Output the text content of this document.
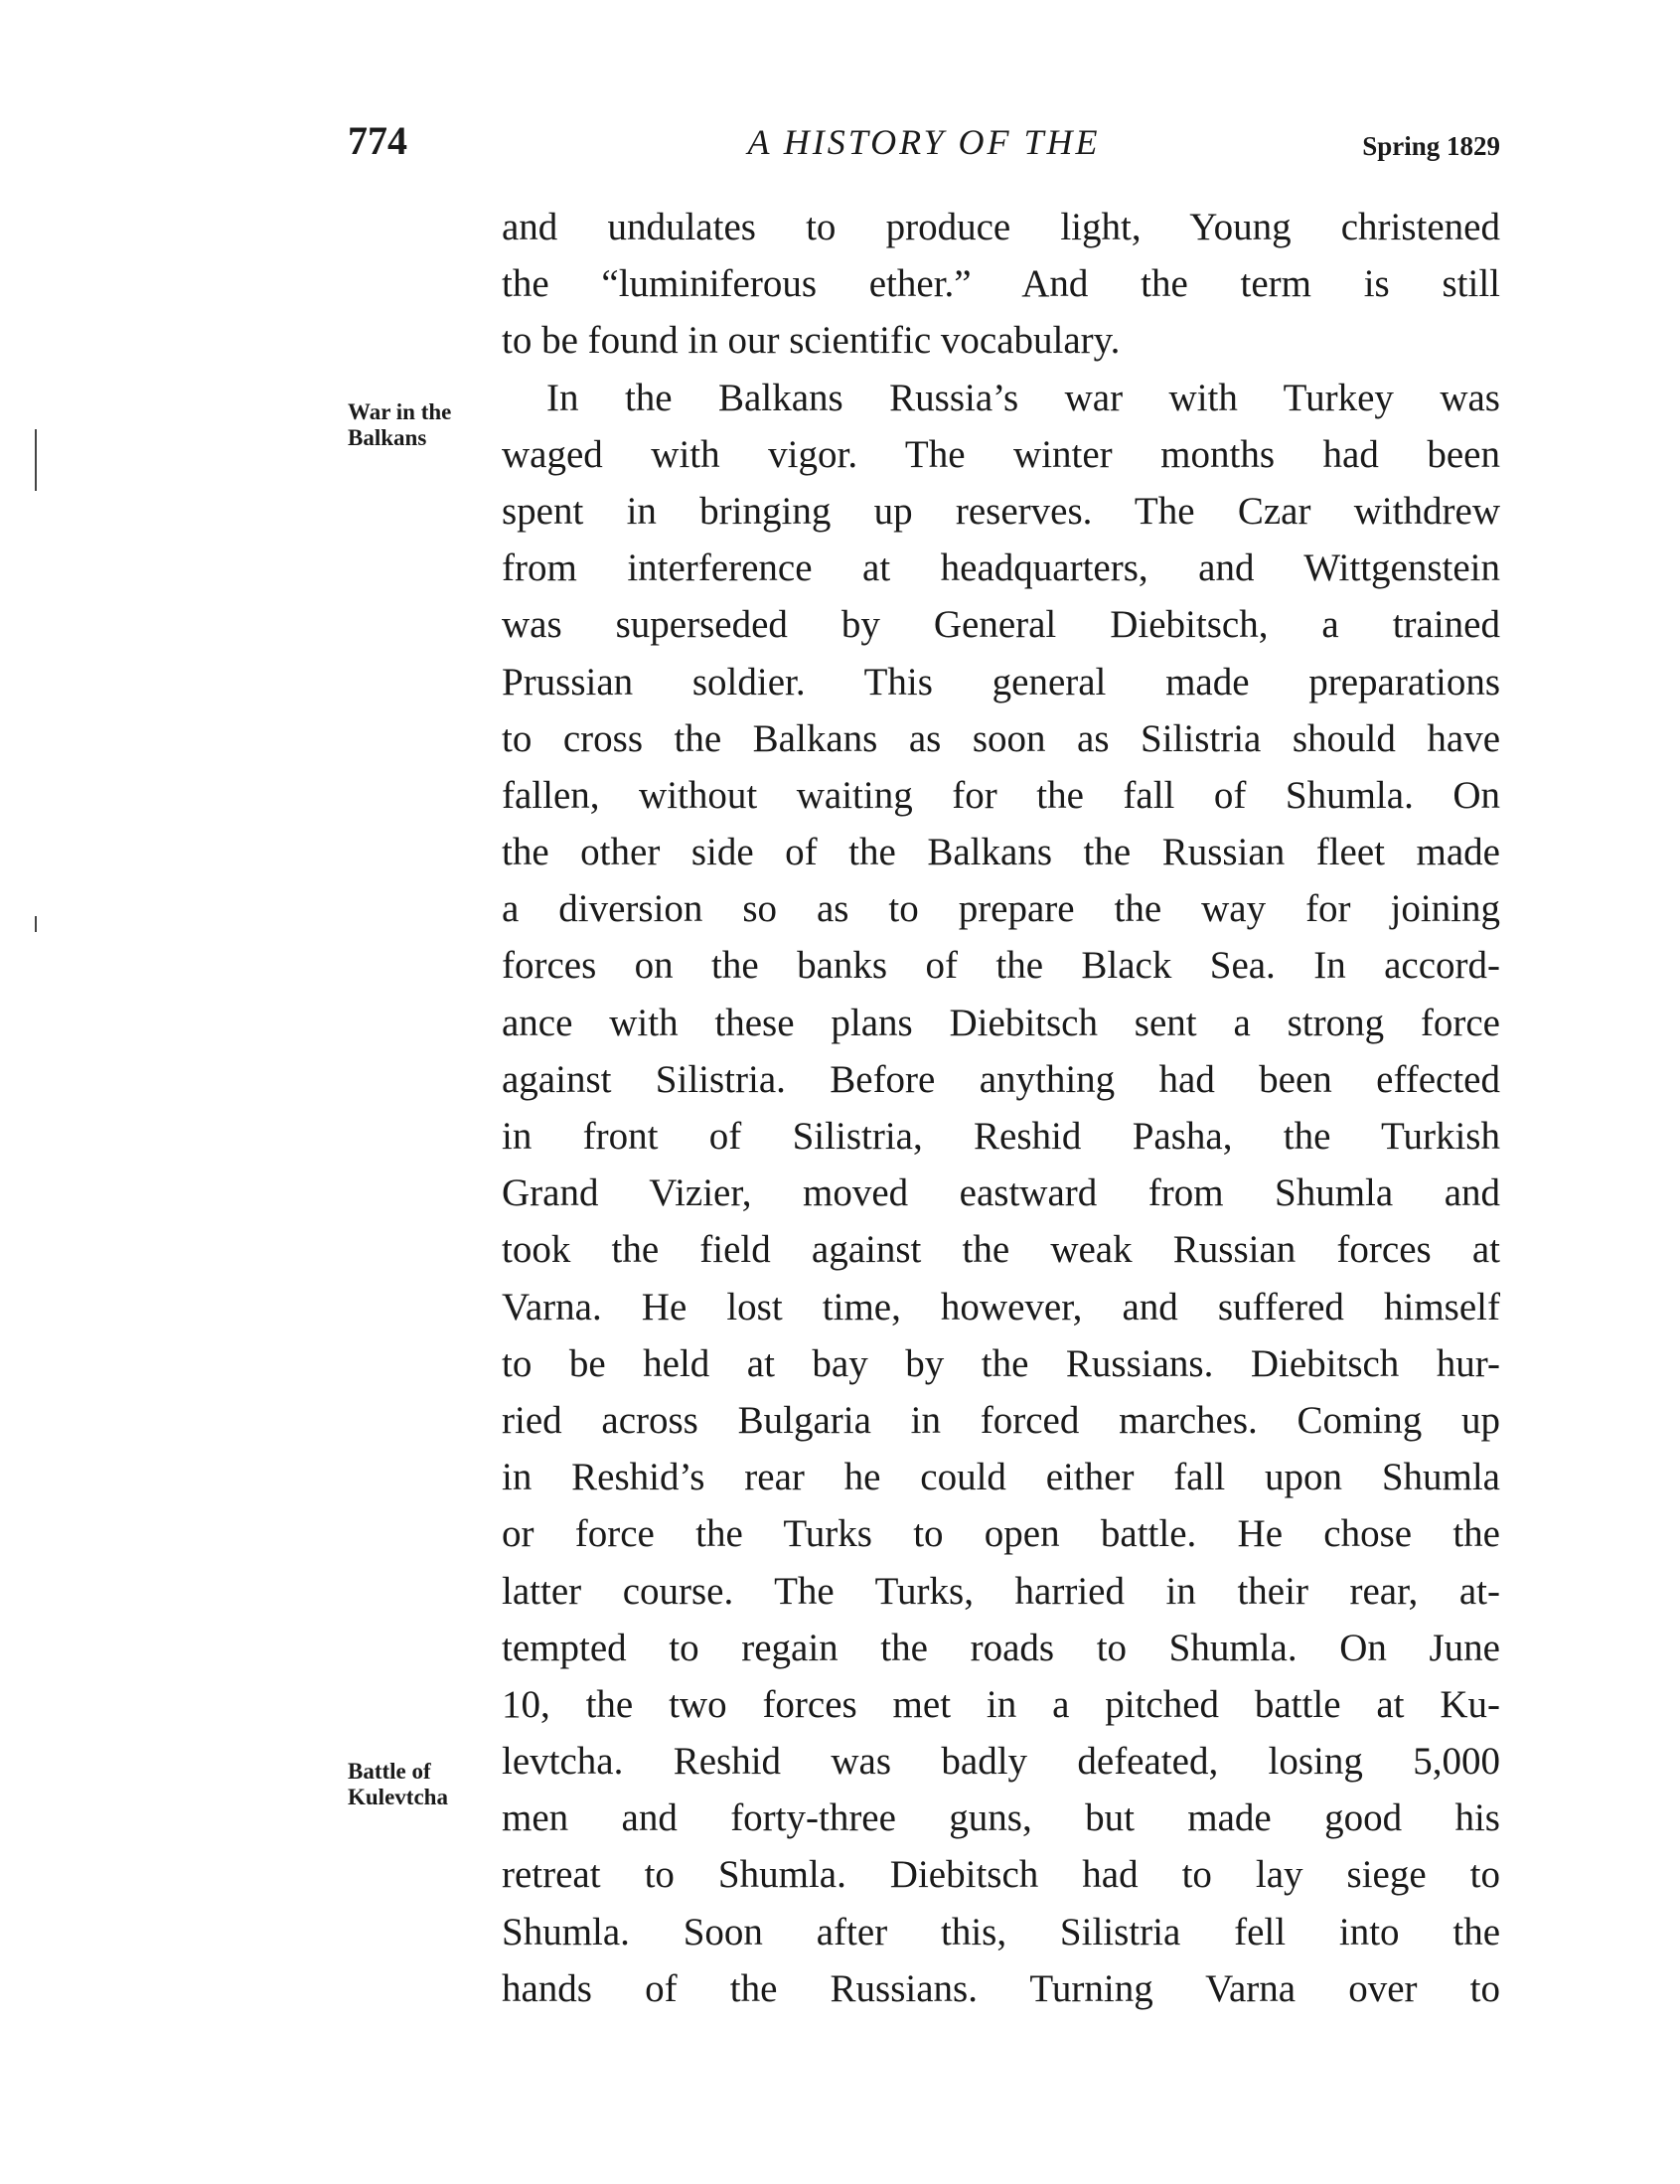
774	A HISTORY OF THE	Spring 1829
War in the
Balkans
Battle of
Kulevtcha
and undulates to produce light, Young christened
the “luminiferous ether.” And the term is still
to be found in our scientific vocabulary.
In the Balkans Russia’s war with Turkey was
waged with vigor. The winter months had been
spent in bringing up reserves. The Czar withdrew
from interference at headquarters, and Wittgenstein
was superseded by General Diebitsch, a trained
Prussian soldier. This general made preparations
to cross the Balkans as soon as Silistria should have
fallen, without waiting for the fall of Shumla. On
the other side of the Balkans the Russian fleet made
a diversion so as to prepare the way for joining
forces on the banks of the Black Sea. In accord-
ance with these plans Diebitsch sent a strong force
against Silistria. Before anything had been effected
in front of Silistria, Reshid Pasha, the Turkish
Grand Vizier, moved eastward from Shumla and
took the field against the weak Russian forces at
Varna. He lost time, however, and suffered himself
to be held at bay by the Russians. Diebitsch hur-
ried across Bulgaria in forced marches. Coming up
in Reshid’s rear he could either fall upon Shumla
or force the Turks to open battle. He chose the
latter course. The Turks, harried in their rear, at-
tempted to regain the roads to Shumla. On June
10, the two forces met in a pitched battle at Ku-
levtcha. Reshid was badly defeated, losing 5,000
men and forty-three guns, but made good his
retreat to Shumla. Diebitsch had to lay siege to
Shumla. Soon after this, Silistria fell into the
hands of the Russians. Turning Varna over to
